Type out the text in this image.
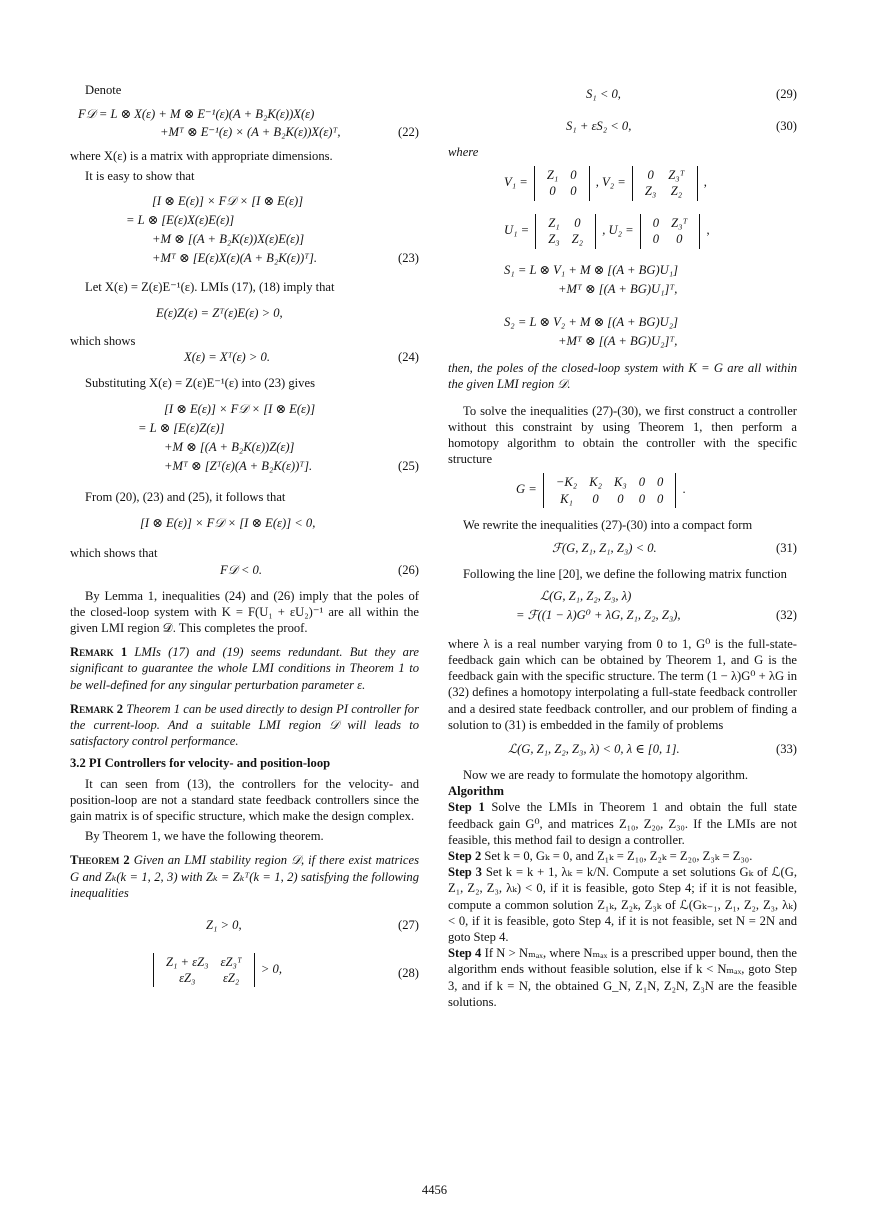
Denote

F𝒟 = L ⊗ X(ε) + M ⊗ E⁻¹(ε)(A + B₂K(ε))X(ε)
+Mᵀ ⊗ E⁻¹(ε) × (A + B₂K(ε))X(ε)ᵀ,	(22)

where X(ε) is a matrix with appropriate dimensions.

It is easy to show that

[I ⊗ E(ε)] × F𝒟 × [I ⊗ E(ε)]
= L ⊗ [E(ε)X(ε)E(ε)]
+M ⊗ [(A + B₂K(ε))X(ε)E(ε)]
+Mᵀ ⊗ [E(ε)X(ε)(A + B₂K(ε))ᵀ].	(23)

Let X(ε) = Z(ε)E⁻¹(ε). LMIs (17), (18) imply that

E(ε)Z(ε) = Zᵀ(ε)E(ε) > 0,

which shows

X(ε) = Xᵀ(ε) > 0.	(24)

Substituting X(ε) = Z(ε)E⁻¹(ε) into (23) gives

[I ⊗ E(ε)] × F𝒟 × [I ⊗ E(ε)]
= L ⊗ [E(ε)Z(ε)]
+M ⊗ [(A + B₂K(ε))Z(ε)]
+Mᵀ ⊗ [Zᵀ(ε)(A + B₂K(ε))ᵀ].	(25)

From (20), (23) and (25), it follows that

[I ⊗ E(ε)] × F𝒟 × [I ⊗ E(ε)] < 0,

which shows that

F𝒟 < 0.	(26)

By Lemma 1, inequalities (24) and (26) imply that the poles of the closed-loop system with K = F(U₁ + εU₂)⁻¹ are all within the given LMI region 𝒟. This completes the proof.

Remark 1 LMIs (17) and (19) seems redundant. But they are significant to guarantee the whole LMI conditions in Theorem 1 to be well-defined for any singular perturbation parameter ε.

Remark 2 Theorem 1 can be used directly to design PI controller for the current-loop. And a suitable LMI region 𝒟 will leads to satisfactory control performance.

3.2 PI Controllers for velocity- and position-loop

It can seen from (13), the controllers for the velocity- and position-loop are not a standard state feedback controllers since the gain matrix is of specific structure, which make the design complex.

By Theorem 1, we have the following theorem.

Theorem 2 Given an LMI stability region 𝒟, if there exist matrices G and Zₖ(k = 1, 2, 3) with Zₖ = Zₖᵀ(k = 1, 2) satisfying the following inequalities

Z₁ > 0,	(27)
Z₁ + εZ₃	εZ₃ᵀ
εZ₃	εZ₂
> 0,	(28)
S₁ < 0,	(29)
S₁ + εS₂ < 0,	(30)

where

V₁ =
Z₁	0
0	0
, V₂ =
0	Z₃ᵀ
Z₃	Z₂
,
U₁ =
Z₁	0
Z₃	Z₂
, U₂ =
0	Z₃ᵀ
0	0
,
S₁ = L ⊗ V₁ + M ⊗ [(A + BG)U₁]
+Mᵀ ⊗ [(A + BG)U₁]ᵀ,
S₂ = L ⊗ V₂ + M ⊗ [(A + BG)U₂]
+Mᵀ ⊗ [(A + BG)U₂]ᵀ,

then, the poles of the closed-loop system with K = G are all within the given LMI region 𝒟.

To solve the inequalities (27)-(30), we first construct a controller without this constraint by using Theorem 1, then perform a homotopy algorithm to obtain the controller with the specific structure

G =
−K₂	K₂	K₃	0	0
K₁	0	0	0	0
.

We rewrite the inequalities (27)-(30) into a compact form

ℱ(G, Z₁, Z₁, Z₃) < 0.	(31)

Following the line [20], we define the following matrix function

ℒ(G, Z₁, Z₂, Z₃, λ)
= ℱ((1 − λ)G⁰ + λG, Z₁, Z₂, Z₃),	(32)

where λ is a real number varying from 0 to 1, G⁰ is the full-state-feedback gain which can be obtained by Theorem 1, and G is the feedback gain with the specific structure. The term (1 − λ)G⁰ + λG in (32) defines a homotopy interpolating a full-state feedback controller and a desired state feedback controller, and our problem of finding a solution to (31) is embedded in the family of problems

ℒ(G, Z₁, Z₂, Z₃, λ) < 0, λ ∈ [0, 1].	(33)

Now we are ready to formulate the homotopy algorithm.

Algorithm

Step 1 Solve the LMIs in Theorem 1 and obtain the full state feedback gain G⁰, and matrices Z₁₀, Z₂₀, Z₃₀. If the LMIs are not feasible, this method fail to design a controller.

Step 2 Set k = 0, Gₖ = 0, and Z₁ₖ = Z₁₀, Z₂ₖ = Z₂₀, Z₃ₖ = Z₃₀.

Step 3 Set k = k + 1, λₖ = k/N. Compute a set solutions Gₖ of ℒ(G, Z₁, Z₂, Z₃, λₖ) < 0, if it is feasible, goto Step 4; if it is not feasible, compute a common solution Z₁ₖ, Z₂ₖ, Z₃ₖ of ℒ(Gₖ₋₁, Z₁, Z₂, Z₃, λₖ) < 0, if it is feasible, goto Step 4, if it is not feasible, set N = 2N and goto Step 4.

Step 4 If N > Nₘₐₓ, where Nₘₐₓ is a prescribed upper bound, then the algorithm ends without feasible solution, else if k < Nₘₐₓ, goto Step 3, and if k = N, the obtained G_N, Z₁N, Z₂N, Z₃N are the feasible solutions.

4456
